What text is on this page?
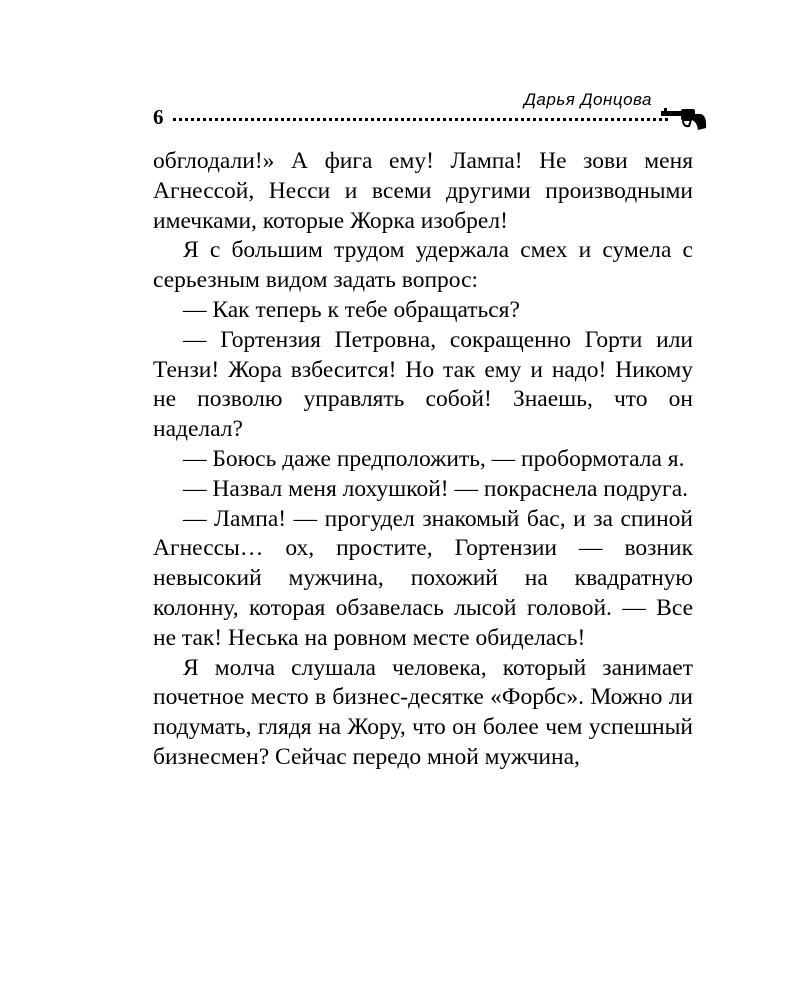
Дарья Донцова
6

обглодали!» А фига ему! Лампа! Не зови меня Агнессой, Несси и всеми другими производными имечками, которые Жорка изобрел!

Я с большим трудом удержала смех и сумела с серьезным видом задать вопрос:

— Как теперь к тебе обращаться?

— Гортензия Петровна, сокращенно Горти или Тензи! Жора взбесится! Но так ему и надо! Никому не позволю управлять собой! Знаешь, что он наделал?

— Боюсь даже предположить, — пробормотала я.

— Назвал меня лохушкой! — покраснела подруга.

— Лампа! — прогудел знакомый бас, и за спиной Агнессы… ох, простите, Гортензии — возник невысокий мужчина, похожий на квадратную колонну, которая обзавелась лысой головой. — Все не так! Неська на ровном месте обиделась!

Я молча слушала человека, который занимает почетное место в бизнес-десятке «Форбс». Можно ли подумать, глядя на Жору, что он более чем успешный бизнесмен? Сейчас передо мной мужчина,
